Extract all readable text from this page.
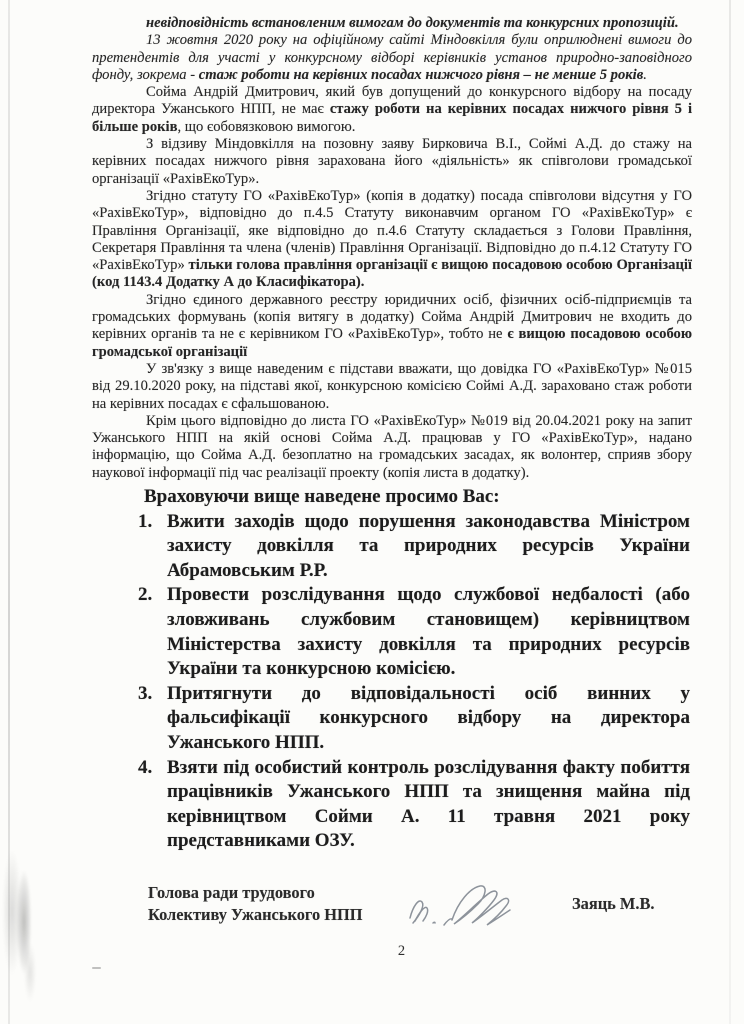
невідповідність встановленим вимогам до документів та конкурсних пропозицій.

13 жовтня 2020 року на офіційному сайті Міндовкілля були оприлюднені вимоги до претендентів для участі у конкурсному відборі керівників установ природно-заповідного фонду, зокрема - стаж роботи на керівних посадах нижчого рівня – не менше 5 років.

Сойма Андрій Дмитрович, який був допущений до конкурсного відбору на посаду директора Ужанського НПП, не має стажу роботи на керівних посадах нижчого рівня 5 і більше років, що єобовязковою вимогою.

З відзиву Міндовкілля на позовну заяву Бирковича В.І., Соймі А.Д. до стажу на керівних посадах нижчого рівня зарахована його «діяльність» як співголови громадської організації «РахівЕкоТур».

Згідно статуту ГО «РахівЕкоТур» (копія в додатку) посада співголови відсутня у ГО «РахівЕкоТур», відповідно до п.4.5 Статуту виконавчим органом ГО «РахівЕкоТур» є Правління Організації, яке відповідно до п.4.6 Статуту складається з Голови Правління, Секретаря Правління та члена (членів) Правління Організації. Відповідно до п.4.12 Статуту ГО «РахівЕкоТур» тільки голова правління організації є вищою посадовою особою Організації (код 1143.4 Додатку А до Класифікатора).

Згідно єдиного державного реєстру юридичних осіб, фізичних осіб-підприємців та громадських формувань (копія витягу в додатку) Сойма Андрій Дмитрович не входить до керівних органів та не є керівником ГО «РахівЕкоТур», тобто не є вищою посадовою особою громадської організації

У зв'язку з вище наведеним є підстави вважати, що довідка ГО «РахівЕкоТур» №015 від 29.10.2020 року, на підставі якої, конкурсною комісією Соймі А.Д. зараховано стаж роботи на керівних посадах є сфальшованою.

Крім цього відповідно до листа ГО «РахівЕкоТур» №019 від 20.04.2021 року на запит Ужанського НПП на якій основі Сойма А.Д. працював у ГО «РахівЕкоТур», надано інформацію, що Сойма А.Д. безоплатно на громадських засадах, як волонтер, сприяв збору наукової інформації під час реалізації проекту (копія листа в додатку).

Враховуючи вище наведене просимо Вас:

1. Вжити заходів щодо порушення законодавства Міністром захисту довкілля та природних ресурсів України Абрамовським Р.Р.
2. Провести розслідування щодо службової недбалості (або зловживань службовим становищем) керівництвом Міністерства захисту довкілля та природних ресурсів України та конкурсною комісією.
3. Притягнути до відповідальності осіб винних у фальсифікації конкурсного відбору на директора Ужанського НПП.
4. Взяти під особистий контроль розслідування факту побиття працівників Ужанського НПП та знищення майна під керівництвом Сойми А. 11 травня 2021 року представниками ОЗУ.
Голова ради трудового
Колективу Ужанського НПП
Заяць М.В.
2
